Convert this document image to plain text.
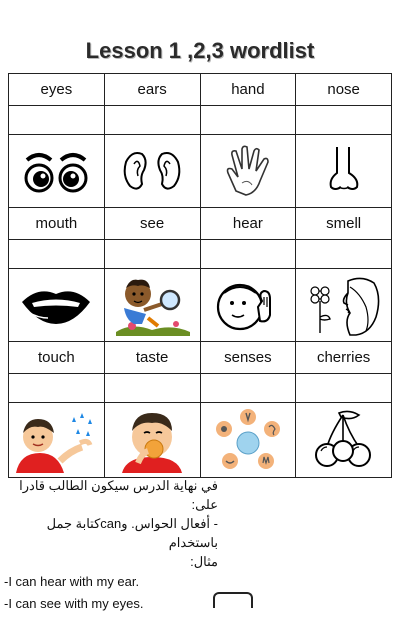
Lesson 1 ,2,3 wordlist
eyes	ears	hand	nose

mouth	see	hear	smell

touch	taste	senses	cherries

في نهاية الدرس سيكون الطالب قادرا على:

- أفعال الحواس. وcanكتابة جمل باستخدام

مثال:

-I can hear with my ear.

-I can see with my eyes.
